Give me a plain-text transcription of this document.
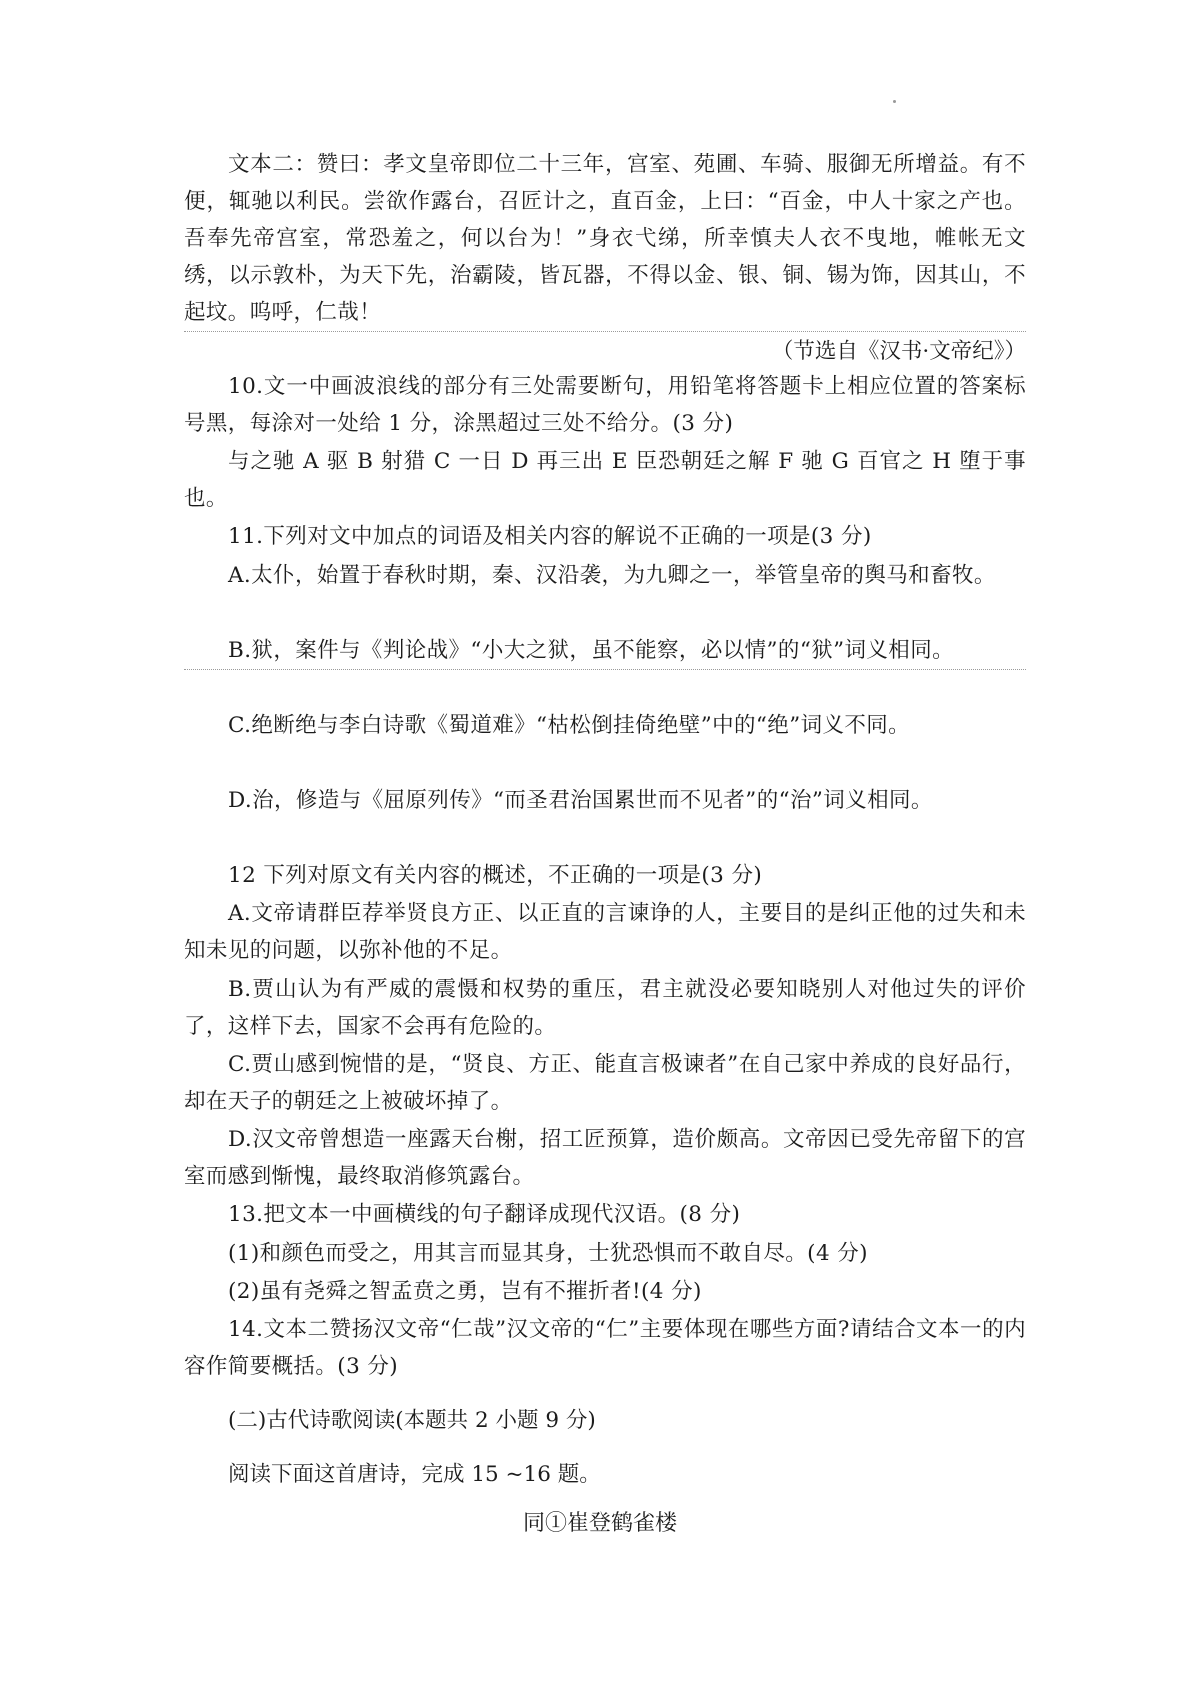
文本二：赞曰：孝文皇帝即位二十三年，宫室、苑圃、车骑、服御无所增益。有不便，辄驰以利民。尝欲作露台，召匠计之，直百金，上曰：“百金，中人十家之产也。吾奉先帝宫室，常恐羞之，何以台为！”身衣弋绨，所幸慎夫人衣不曳地，帷帐无文绣，以示敦朴，为天下先，治霸陵，皆瓦器，不得以金、银、铜、锡为饰，因其山，不起坟。呜呼，仁哉！

（节选自《汉书·文帝纪》）

10.文一中画波浪线的部分有三处需要断句，用铅笔将答题卡上相应位置的答案标号黑，每涂对一处给 1 分，涂黑超过三处不给分。(3 分)

与之驰 A 驱 B 射猎 C 一日 D 再三出 E 臣恐朝廷之解 F 驰 G 百官之 H 堕于事也。

11.下列对文中加点的词语及相关内容的解说不正确的一项是(3 分)

A.太仆，始置于春秋时期，秦、汉沿袭，为九卿之一，举管皇帝的舆马和畜牧。

B.狱，案件与《判论战》“小大之狱，虽不能察，必以情”的“狱”词义相同。

C.绝断绝与李白诗歌《蜀道难》“枯松倒挂倚绝壁”中的“绝”词义不同。

D.治，修造与《屈原列传》“而圣君治国累世而不见者”的“治”词义相同。

12 下列对原文有关内容的概述，不正确的一项是(3 分)

A.文帝请群臣荐举贤良方正、以正直的言谏诤的人，主要目的是纠正他的过失和未知未见的问题，以弥补他的不足。

B.贾山认为有严威的震慑和权势的重压，君主就没必要知晓别人对他过失的评价了，这样下去，国家不会再有危险的。

C.贾山感到惋惜的是，“贤良、方正、能直言极谏者”在自己家中养成的良好品行，却在天子的朝廷之上被破坏掉了。

D.汉文帝曾想造一座露天台榭，招工匠预算，造价颇高。文帝因已受先帝留下的宫室而感到惭愧，最终取消修筑露台。

13.把文本一中画横线的句子翻译成现代汉语。(8 分)

(1)和颜色而受之，用其言而显其身，士犹恐惧而不敢自尽。(4 分)

(2)虽有尧舜之智孟贲之勇，岂有不摧折者!(4 分)

14.文本二赞扬汉文帝“仁哉”汉文帝的“仁”主要体现在哪些方面?请结合文本一的内容作简要概括。(3 分)

(二)古代诗歌阅读(本题共 2 小题 9 分)

阅读下面这首唐诗，完成 15 ~16 题。

同①崔登鹤雀楼
